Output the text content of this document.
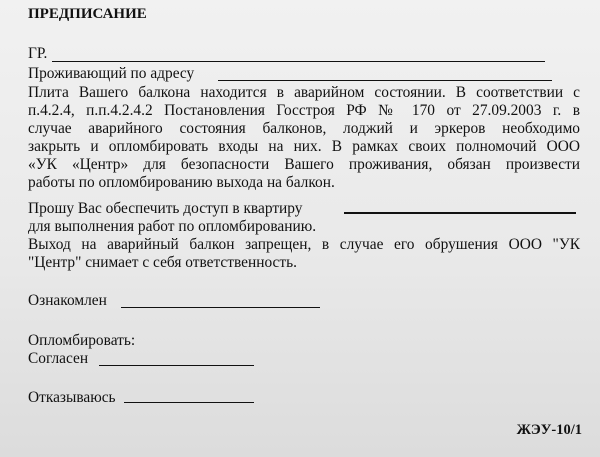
ПРЕДПИСАНИЕ
ГР.
Проживающий по адресу
Плита Вашего балкона находится в аварийном состоянии. В соответствии с
п.4.2.4, п.п.4.2.4.2 Постановления Госстроя РФ № 170 от 27.09.2003 г. в
случае аварийного состояния балконов, лоджий и эркеров необходимо
закрыть и опломбировать входы на них. В рамках своих полномочий ООО
«УК «Центр» для безопасности Вашего проживания, обязан произвести
работы по опломбированию выхода на балкон.
Прошу Вас обеспечить доступ в квартиру
для выполнения работ по опломбированию.
Выход на аварийный балкон запрещен, в случае его обрушения ООО "УК
"Центр" снимает с себя ответственность.
Ознакомлен
Опломбировать:
Согласен
Отказываюсь
ЖЭУ-10/1
